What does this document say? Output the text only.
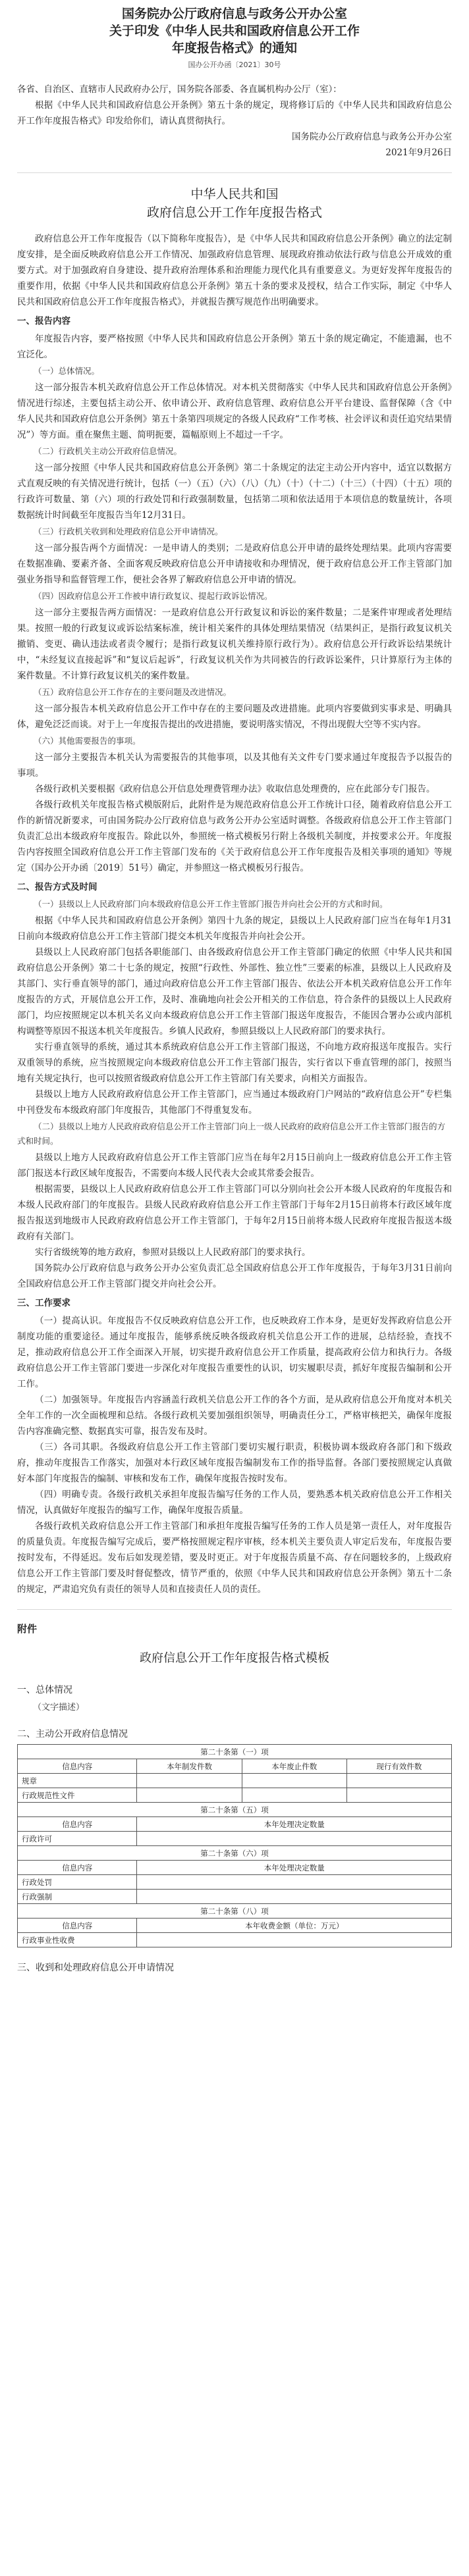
国务院办公厅政府信息与政务公开办公室
关于印发《中华人民共和国政府信息公开工作
年度报告格式》的通知
国办公开办函〔2021〕30号

各省、自治区、直辖市人民政府办公厅，国务院各部委、各直属机构办公厅（室）：

根据《中华人民共和国政府信息公开条例》第五十条的规定，现将修订后的《中华人民共和国政府信息公开工作年度报告格式》印发给你们，请认真贯彻执行。

国务院办公厅政府信息与政务公开办公室

2021年9月26日

中华人民共和国
政府信息公开工作年度报告格式

政府信息公开工作年度报告（以下简称年度报告），是《中华人民共和国政府信息公开条例》确立的法定制度安排，是全面反映政府信息公开工作情况、加强政府信息管理、展现政府推动依法行政与信息公开成效的重要方式。对于加强政府自身建设、提升政府治理体系和治理能力现代化具有重要意义。为更好发挥年度报告的重要作用，依据《中华人民共和国政府信息公开条例》第五十条的要求及授权，结合工作实际，制定《中华人民共和国政府信息公开工作年度报告格式》，并就报告撰写规范作出明确要求。

一、报告内容

年度报告内容，要严格按照《中华人民共和国政府信息公开条例》第五十条的规定确定，不能遗漏，也不宜泛化。

（一）总体情况。

这一部分报告本机关政府信息公开工作总体情况。对本机关贯彻落实《中华人民共和国政府信息公开条例》情况进行综述，主要包括主动公开、依申请公开、政府信息管理、政府信息公开平台建设、监督保障（含《中华人民共和国政府信息公开条例》第五十条第四项规定的各级人民政府“工作考核、社会评议和责任追究结果情况”）等方面。重在聚焦主题、简明扼要，篇幅原则上不超过一千字。

（二）行政机关主动公开政府信息情况。

这一部分按照《中华人民共和国政府信息公开条例》第二十条规定的法定主动公开内容中，适宜以数据方式直观反映的有关情况进行统计，包括（一）（五）（六）（八）（九）（十）（十二）（十三）（十四）（十五）项的行政许可数量、第（六）项的行政处罚和行政强制数量，包括第二项和依法适用于本项信息的数量统计，各项数据统计时间截至年度报告当年12月31日。

（三）行政机关收到和处理政府信息公开申请情况。

这一部分报告两个方面情况：一是申请人的类别；二是政府信息公开申请的最终处理结果。此项内容需要在数据准确、要素齐备、全面客观反映政府信息公开申请接收和办理情况，便于政府信息公开工作主管部门加强业务指导和监督管理工作，便社会各界了解政府信息公开申请的情况。

（四）因政府信息公开工作被申请行政复议、提起行政诉讼情况。

这一部分主要报告两方面情况：一是政府信息公开行政复议和诉讼的案件数量；二是案件审理或者处理结果。按照一般的行政复议或诉讼结案标准，统计相关案件的具体处理结果情况（结果纠正，是指行政复议机关撤销、变更、确认违法或者责令履行；是指行政复议机关维持原行政行为）。政府信息公开行政诉讼结果统计中，“未经复议直接起诉”和“复议后起诉”，行政复议机关作为共同被告的行政诉讼案件，只计算原行为主体的案件数量。不计算行政复议机关的案件数量。

（五）政府信息公开工作存在的主要问题及改进情况。

这一部分报告本机关政府信息公开工作中存在的主要问题及改进措施。此项内容要做到实事求是、明确具体，避免泛泛而谈。对于上一年度报告提出的改进措施，要说明落实情况，不得出现假大空等不实内容。

（六）其他需要报告的事项。

这一部分主要报告本机关认为需要报告的其他事项，以及其他有关文件专门要求通过年度报告予以报告的事项。

各级行政机关要根据《政府信息公开信息处理费管理办法》收取信息处理费的，应在此部分专门报告。

各级行政机关年度报告格式模版附后，此附件是为规范政府信息公开工作统计口径，随着政府信息公开工作的新情况新要求，可由国务院办公厅政府信息与政务公开办公室适时调整。各级政府信息公开工作主管部门负责汇总出本级政府年度报告。除此以外，参照统一格式模板另行附上各级机关制度，并按要求公开。年度报告内容按照全国政府信息公开工作主管部门发布的《关于政府信息公开工作年度报告及相关事项的通知》等规定（国办公开办函〔2019〕51号）确定，并参照这一格式模板另行报告。

二、报告方式及时间
（一）县级以上人民政府部门向本级政府信息公开工作主管部门报告并向社会公开的方式和时间。

根据《中华人民共和国政府信息公开条例》第四十九条的规定，县级以上人民政府部门应当在每年1月31日前向本级政府信息公开工作主管部门提交本机关年度报告并向社会公开。

县级以上人民政府部门包括各职能部门、由各级政府信息公开工作主管部门确定的依照《中华人民共和国政府信息公开条例》第二十七条的规定，按照“行政性、外部性、独立性”三要素的标准，县级以上人民政府及其部门、实行垂直领导的部门，通过向政府信息公开工作主管部门报告、依法公开本机关政府信息公开工作年度报告的方式，开展信息公开工作，及时、准确地向社会公开相关的工作信息，符合条件的县级以上人民政府部门，均应按照规定以本机关名义向本级政府信息公开工作主管部门报送年度报告，不能因合署办公或内部机构调整等原因不报送本机关年度报告。乡镇人民政府，参照县级以上人民政府部门的要求执行。

实行垂直领导的系统，通过其本系统政府信息公开工作主管部门报送，不向地方政府报送年度报告。实行双重领导的系统，应当按照规定向本级政府信息公开工作主管部门报告，实行省以下垂直管理的部门，按照当地有关规定执行，也可以按照省级政府信息公开工作主管部门有关要求，向相关方面报告。

县级以上地方人民政府政府信息公开工作主管部门，应当通过本级政府门户网站的“政府信息公开”专栏集中刊登发布本级政府部门年度报告，其他部门不得重复发布。

（二）县级以上地方人民政府政府信息公开工作主管部门向上一级人民政府的政府信息公开工作主管部门报告的方式和时间。

县级以上地方人民政府政府信息公开工作主管部门应当在每年2月15日前向上一级政府信息公开工作主管部门报送本行政区域年度报告，不需要向本级人民代表大会或其常委会报告。

根据需要，县级以上人民政府政府信息公开工作主管部门可以分别向社会公开本级人民政府的年度报告和本级人民政府部门的年度报告。县级人民政府政府信息公开工作主管部门于每年2月15日前将本行政区域年度报告报送到地级市人民政府政府信息公开工作主管部门，于每年2月15日前将本级人民政府年度报告报送本级政府有关部门。

实行省级统筹的地方政府，参照对县级以上人民政府部门的要求执行。

国务院办公厅政府信息与政务公开办公室负责汇总全国政府信息公开工作年度报告，于每年3月31日前向全国政府信息公开工作主管部门提交并向社会公开。

三、工作要求

（一）提高认识。年度报告不仅反映政府信息公开工作，也反映政府工作本身，是更好发挥政府信息公开制度功能的重要途径。通过年度报告，能够系统反映各级政府机关信息公开工作的进展，总结经验，查找不足，推动政府信息公开工作全面深入开展，切实提升政府信息公开工作质量，提高政府公信力和执行力。各级政府信息公开工作主管部门要进一步深化对年度报告重要性的认识，切实履职尽责，抓好年度报告编制和公开工作。

（二）加强领导。年度报告内容涵盖行政机关信息公开工作的各个方面，是从政府信息公开角度对本机关全年工作的一次全面梳理和总结。各级行政机关要加强组织领导，明确责任分工，严格审核把关，确保年度报告内容准确完整、数据真实可靠，报告发布及时。

（三）各司其职。各级政府信息公开工作主管部门要切实履行职责，积极协调本级政府各部门和下级政府，推动年度报告工作落实，加强对本行政区域年度报告编制发布工作的指导监督。各部门要按照规定认真做好本部门年度报告的编制、审核和发布工作，确保年度报告按时发布。

（四）明确专责。各级行政机关承担年度报告编写任务的工作人员，要熟悉本机关政府信息公开工作相关情况，认真做好年度报告的编写工作，确保年度报告质量。

各级行政机关政府信息公开工作主管部门和承担年度报告编写任务的工作人员是第一责任人，对年度报告的质量负责。年度报告编写完成后，要严格按照规定程序审核，经本机关主要负责人审定后发布，年度报告要按时发布，不得延迟。发布后如发现差错，要及时更正。对于年度报告质量不高、存在问题较多的，上级政府信息公开工作主管部门要及时督促整改，情节严重的，依照《中华人民共和国政府信息公开条例》第五十二条的规定，严肃追究负有责任的领导人员和直接责任人员的责任。

附件
政府信息公开工作年度报告格式模板
一、总体情况
（文字描述）
二、主动公开政府信息情况
第二十条第（一）项			
信息内容	本年制发件数	本年废止件数	现行有效件数
规章			
行政规范性文件			
第二十条第（五）项			
信息内容	本年处理决定数量		
行政许可			
第二十条第（六）项			
信息内容	本年处理决定数量		
行政处罚			
行政强制			
第二十条第（八）项			
信息内容	本年收费金额（单位：万元）		
行政事业性收费			
三、收到和处理政府信息公开申请情况
